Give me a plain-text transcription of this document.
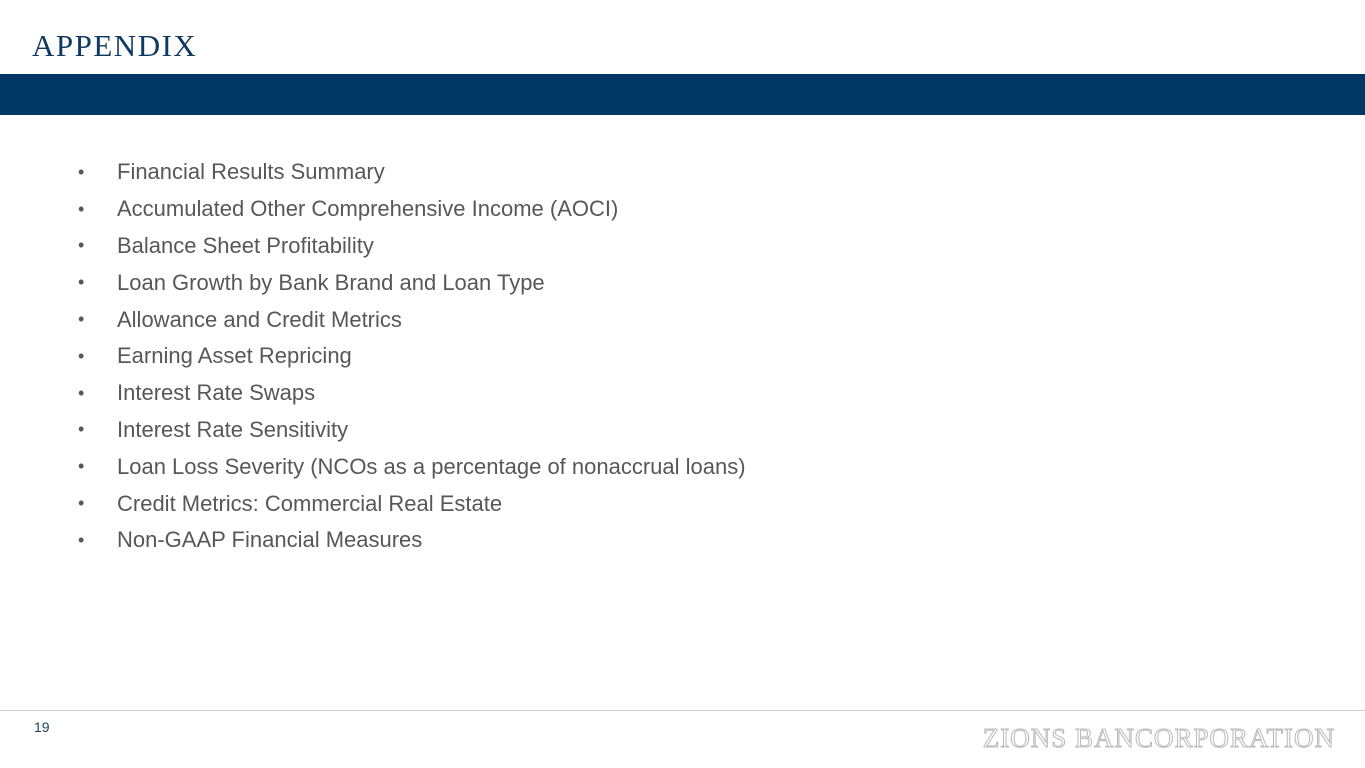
APPENDIX
•	Financial Results Summary
•	Accumulated Other Comprehensive Income (AOCI)
•	Balance Sheet Profitability
•	Loan Growth by Bank Brand and Loan Type
•	Allowance and Credit Metrics
•	Earning Asset Repricing
•	Interest Rate Swaps
•	Interest Rate Sensitivity
•	Loan Loss Severity (NCOs as a percentage of nonaccrual loans)
•	Credit Metrics: Commercial Real Estate
•	Non-GAAP Financial Measures
19	ZIONS BANCORPORATION
